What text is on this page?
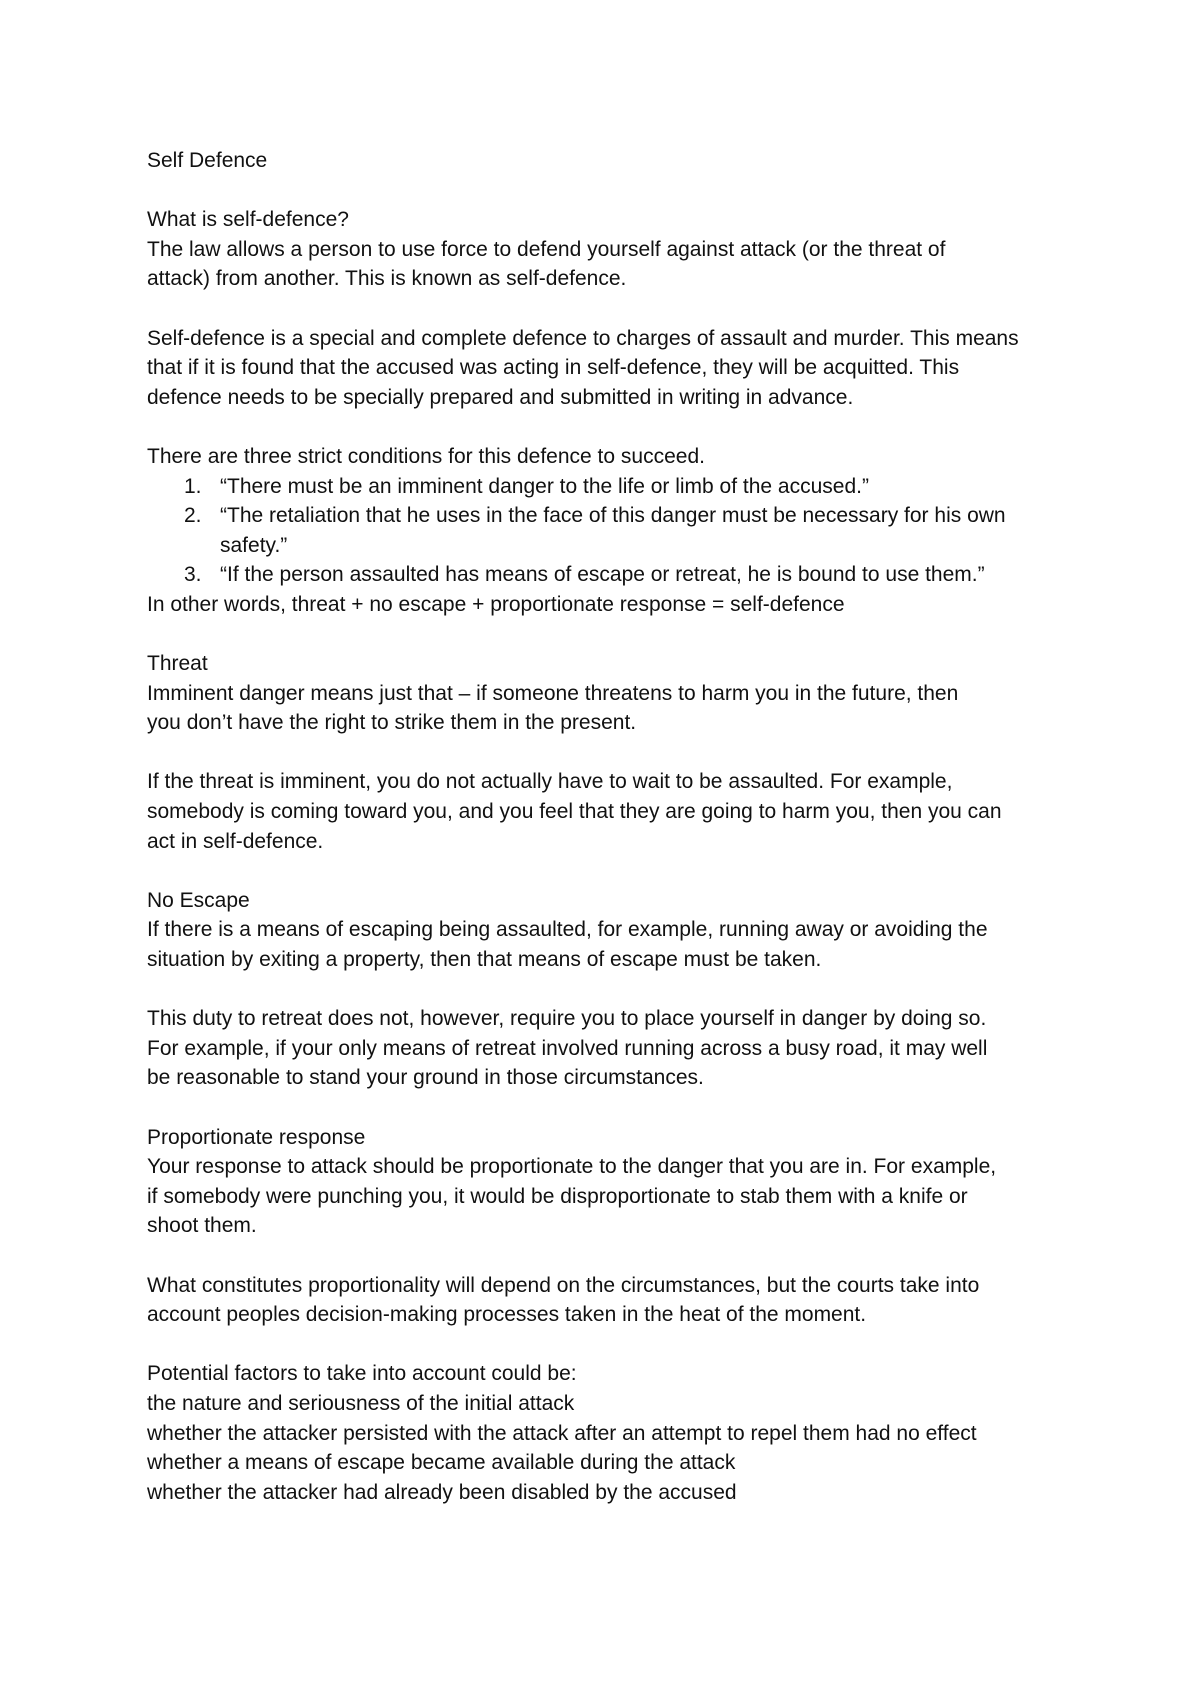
Self Defence

What is self-defence?

The law allows a person to use force to defend yourself against attack (or the threat of

attack) from another. This is known as self-defence.

Self-defence is a special and complete defence to charges of assault and murder. This means

that if it is found that the accused was acting in self-defence, they will be acquitted. This

defence needs to be specially prepared and submitted in writing in advance.

There are three strict conditions for this defence to succeed.

1. “There must be an imminent danger to the life or limb of the accused.”
2. “The retaliation that he uses in the face of this danger must be necessary for his own
safety.”
3. “If the person assaulted has means of escape or retreat, he is bound to use them.”

In other words, threat + no escape + proportionate response = self-defence

Threat

Imminent danger means just that – if someone threatens to harm you in the future, then

you don’t have the right to strike them in the present.

If the threat is imminent, you do not actually have to wait to be assaulted. For example,

somebody is coming toward you, and you feel that they are going to harm you, then you can

act in self-defence.

No Escape

If there is a means of escaping being assaulted, for example, running away or avoiding the

situation by exiting a property, then that means of escape must be taken.

This duty to retreat does not, however, require you to place yourself in danger by doing so.

For example, if your only means of retreat involved running across a busy road, it may well

be reasonable to stand your ground in those circumstances.

Proportionate response

Your response to attack should be proportionate to the danger that you are in. For example,

if somebody were punching you, it would be disproportionate to stab them with a knife or

shoot them.

What constitutes proportionality will depend on the circumstances, but the courts take into

account peoples decision-making processes taken in the heat of the moment.

Potential factors to take into account could be:

the nature and seriousness of the initial attack

whether the attacker persisted with the attack after an attempt to repel them had no effect

whether a means of escape became available during the attack

whether the attacker had already been disabled by the accused
